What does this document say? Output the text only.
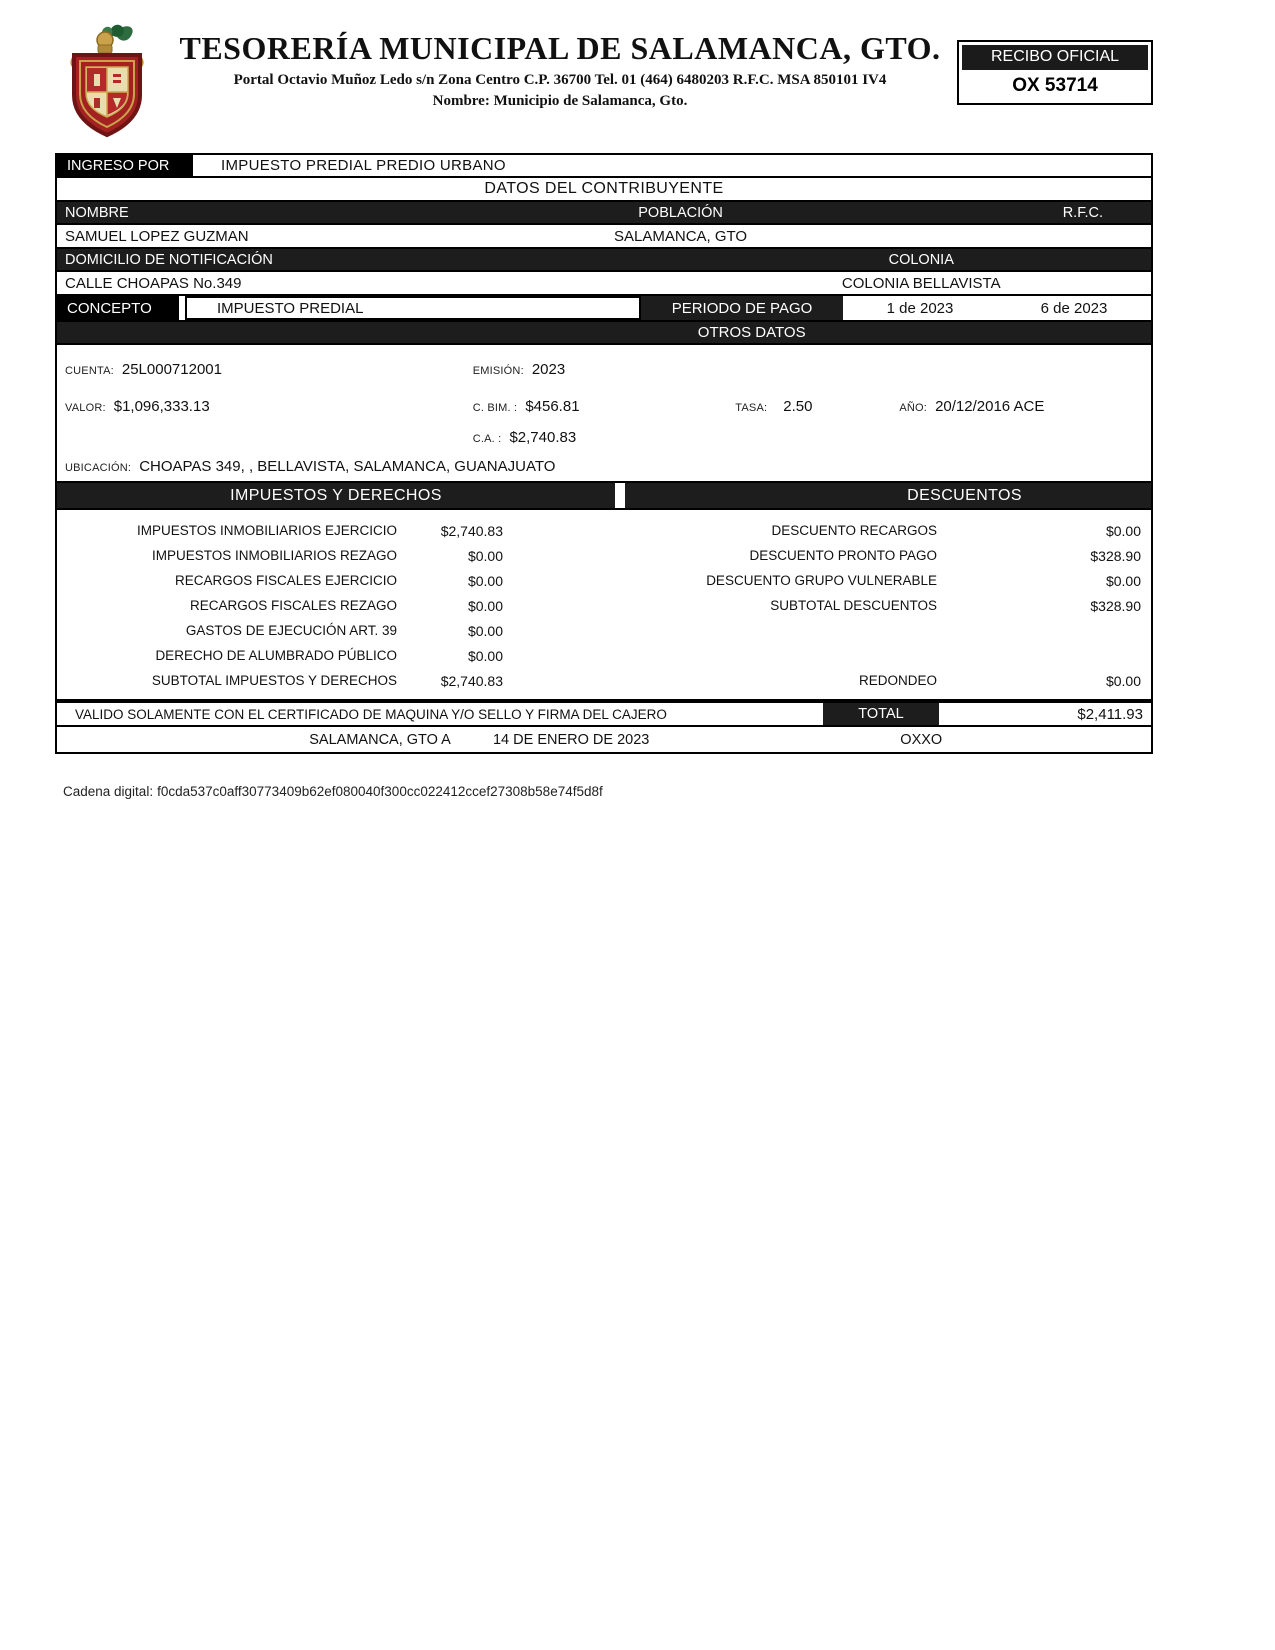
TESORERÍA MUNICIPAL DE SALAMANCA, GTO.
Portal Octavio Muñoz Ledo s/n Zona Centro C.P. 36700 Tel. 01 (464) 6480203 R.F.C. MSA 850101 IV4
Nombre: Municipio de Salamanca, Gto.
RECIBO OFICIAL
OX 53714
INGRESO POR	IMPUESTO PREDIAL PREDIO URBANO
DATOS DEL CONTRIBUYENTE
NOMBRE	POBLACIÓN	R.F.C.
SAMUEL LOPEZ GUZMAN	SALAMANCA, GTO
DOMICILIO DE NOTIFICACIÓN	COLONIA
CALLE CHOAPAS No.349	COLONIA BELLAVISTA
CONCEPTO	IMPUESTO PREDIAL	PERIODO DE PAGO	1 de 2023	6 de 2023
OTROS DATOS
CUENTA: 25L000712001	EMISIÓN: 2023
VALOR: $1,096,333.13	C. BIM. : $456.81	TASA: 2.50	AÑO: 20/12/2016 ACE
C.A. : $2,740.83
UBICACIÓN: CHOAPAS 349, , BELLAVISTA, SALAMANCA, GUANAJUATO
IMPUESTOS Y DERECHOS	DESCUENTOS
IMPUESTOS INMOBILIARIOS EJERCICIO	$2,740.83	DESCUENTO RECARGOS	$0.00
IMPUESTOS INMOBILIARIOS REZAGO	$0.00	DESCUENTO PRONTO PAGO	$328.90
RECARGOS FISCALES EJERCICIO	$0.00	DESCUENTO GRUPO VULNERABLE	$0.00
RECARGOS FISCALES REZAGO	$0.00	SUBTOTAL DESCUENTOS	$328.90
GASTOS DE EJECUCIÓN ART. 39	$0.00
DERECHO DE ALUMBRADO PÚBLICO	$0.00
SUBTOTAL IMPUESTOS Y DERECHOS	$2,740.83	REDONDEO	$0.00
VALIDO SOLAMENTE CON EL CERTIFICADO DE MAQUINA Y/O SELLO Y FIRMA DEL CAJERO	TOTAL	$2,411.93
SALAMANCA, GTO A	14 DE ENERO DE 2023	OXXO
Cadena digital: f0cda537c0aff30773409b62ef080040f300cc022412ccef27308b58e74f5d8f
